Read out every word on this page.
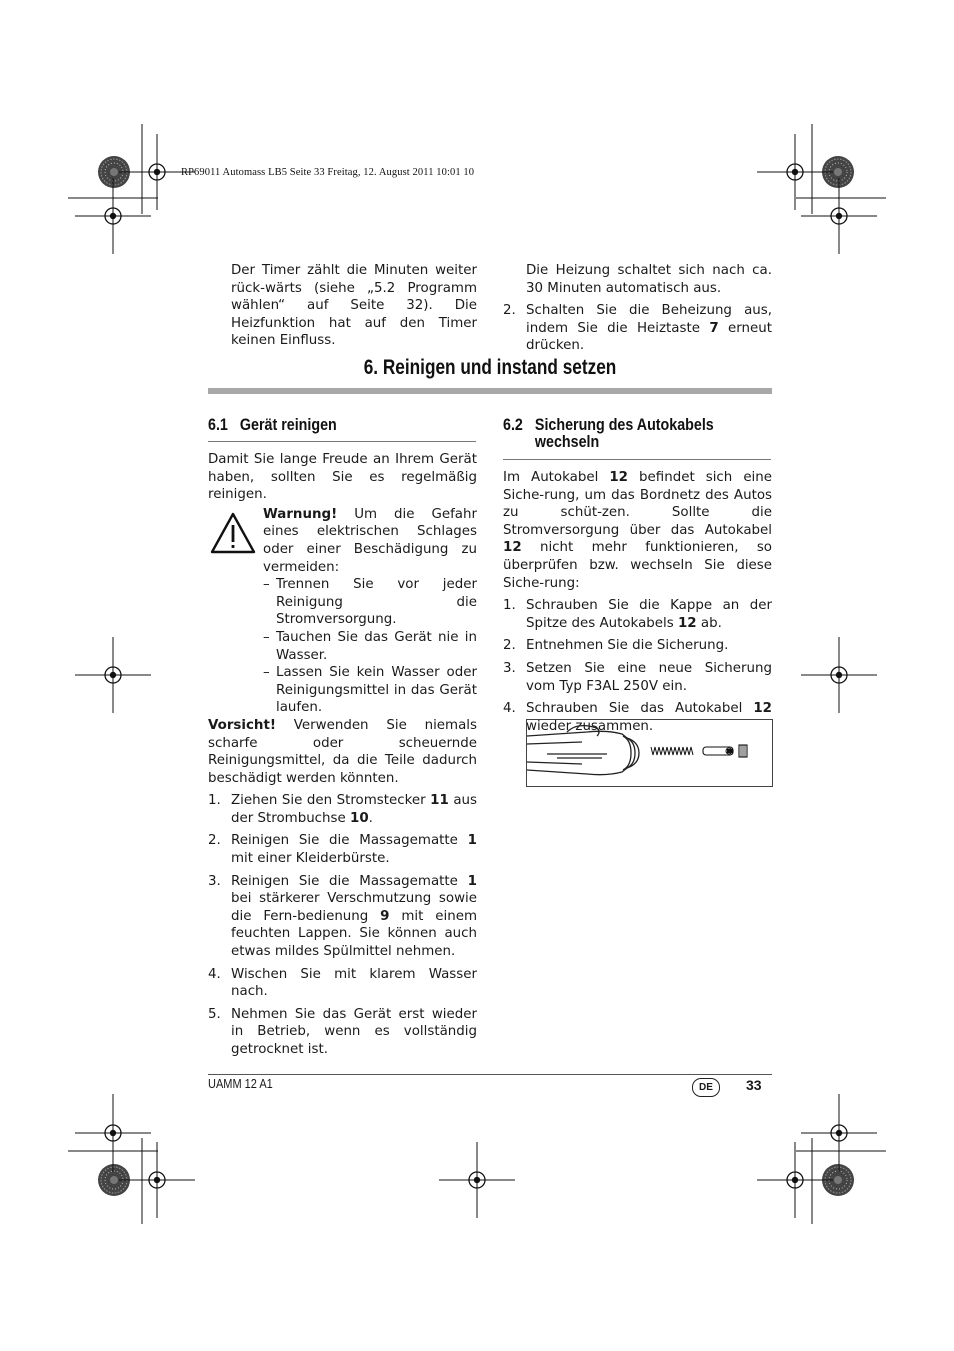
RP69011 Automass LB5 Seite 33 Freitag, 12. August 2011 10:01 10

Der Timer zählt die Minuten weiter rück-wärts (siehe „5.2 Programm wählen“ auf Seite 32). Die Heizfunktion hat auf den Timer keinen Einfluss.

Die Heizung schaltet sich nach ca. 30 Minuten automatisch aus.

2. Schalten Sie die Beheizung aus, indem Sie die Heiztaste 7 erneut drücken.
6. Reinigen und instand setzen
6.1 Gerät reinigen

Damit Sie lange Freude an Ihrem Gerät haben, sollten Sie es regelmäßig reinigen.

Warnung! Um die Gefahr eines elektrischen Schlages oder einer Beschädigung zu vermeiden:

– Trennen Sie vor jeder Reinigung die Stromversorgung.
– Tauchen Sie das Gerät nie in Wasser.
– Lassen Sie kein Wasser oder Reinigungsmittel in das Gerät laufen.

Vorsicht! Verwenden Sie niemals scharfe oder scheuernde Reinigungsmittel, da die Teile dadurch beschädigt werden könnten.

1. Ziehen Sie den Stromstecker 11 aus der Strombuchse 10.
2. Reinigen Sie die Massagematte 1 mit einer Kleiderbürste.
3. Reinigen Sie die Massagematte 1 bei stärkerer Verschmutzung sowie die Fern-bedienung 9 mit einem feuchten Lappen. Sie können auch etwas mildes Spülmittel nehmen.
4. Wischen Sie mit klarem Wasser nach.
5. Nehmen Sie das Gerät erst wieder in Betrieb, wenn es vollständig getrocknet ist.
6.2 Sicherung des Autokabels
wechseln

Im Autokabel 12 befindet sich eine Siche-rung, um das Bordnetz des Autos zu schüt-zen. Sollte die Stromversorgung über das Autokabel 12 nicht mehr funktionieren, so überprüfen bzw. wechseln Sie diese Siche-rung:

1. Schrauben Sie die Kappe an der Spitze des Autokabels 12 ab.
2. Entnehmen Sie die Sicherung.
3. Setzen Sie eine neue Sicherung vom Typ F3AL 250V ein.
4. Schrauben Sie das Autokabel 12 wieder zusammen.
UAMM 12 A1	DE	33
